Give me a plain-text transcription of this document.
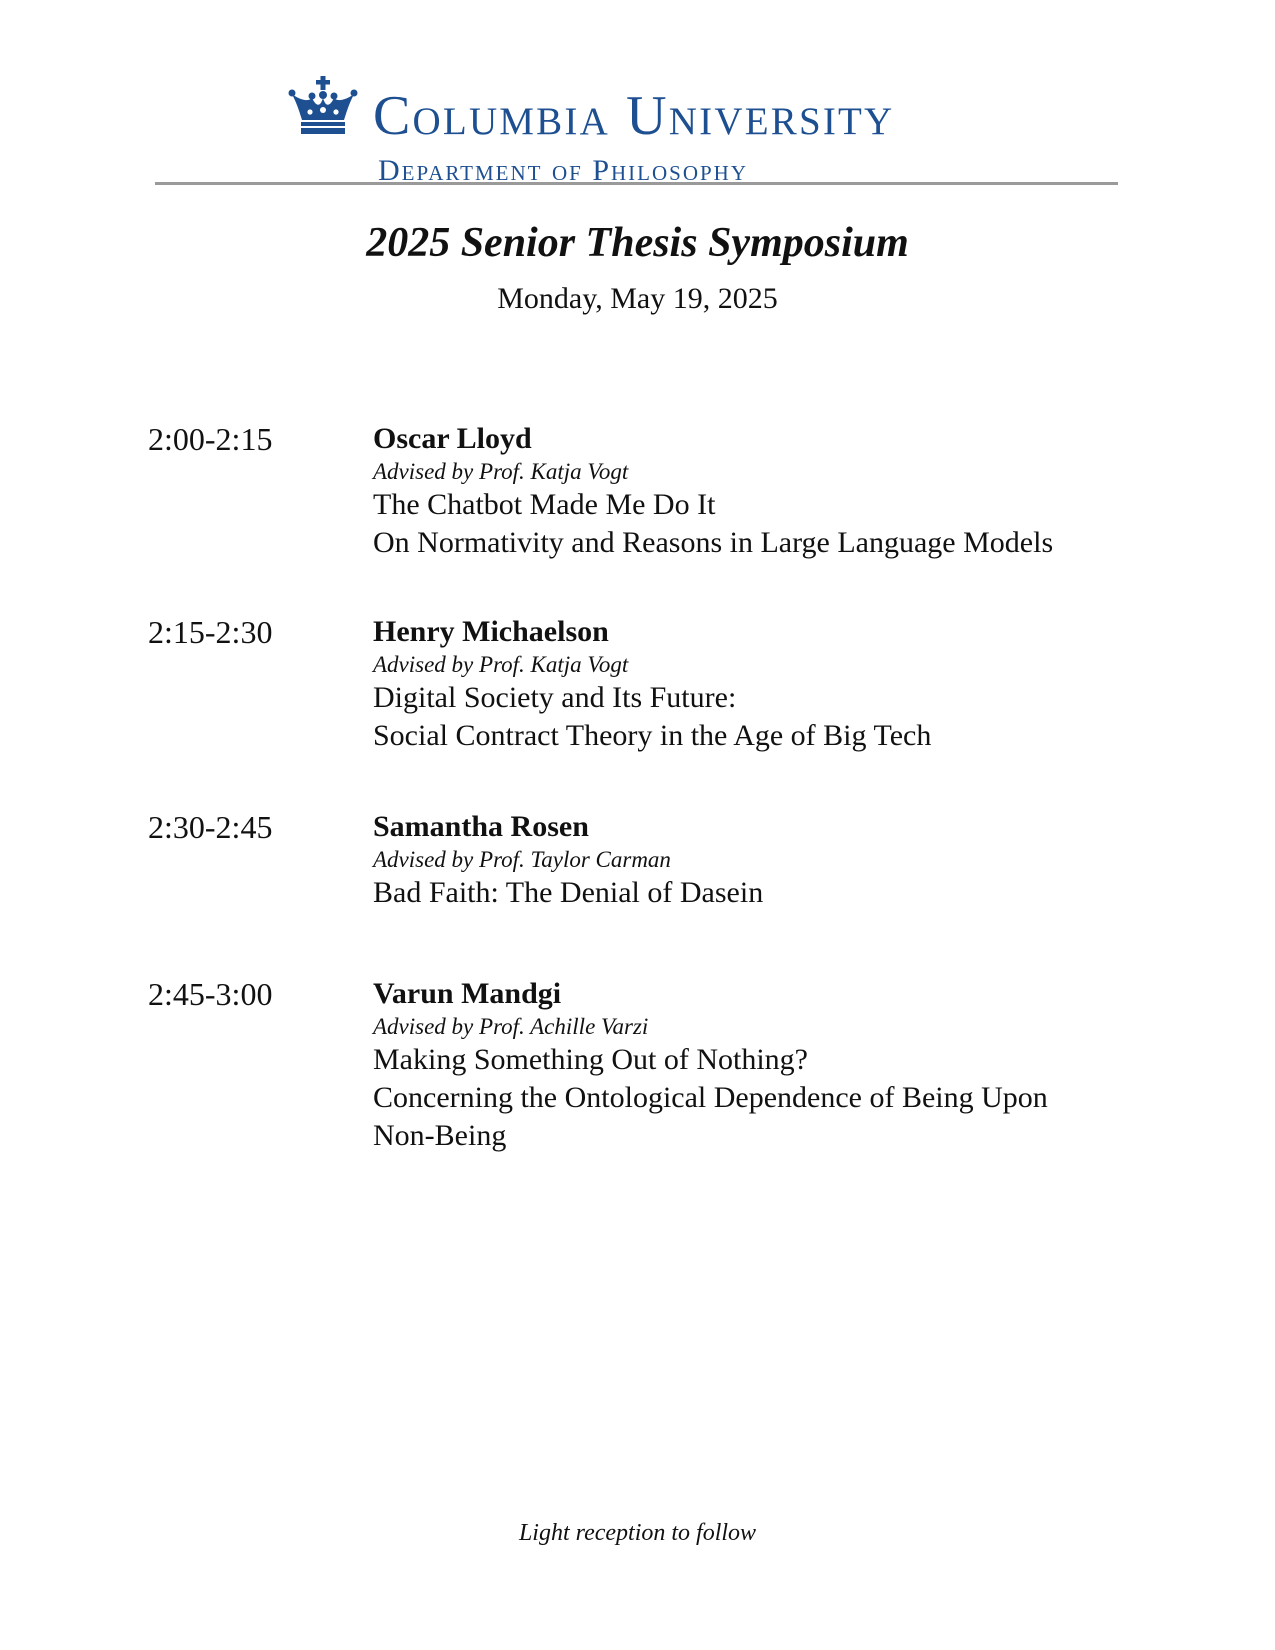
Columbia University
Department of Philosophy
2025 Senior Thesis Symposium
Monday, May 19, 2025
2:00-2:15	Oscar Lloyd
Advised by Prof. Katja Vogt
The Chatbot Made Me Do It
On Normativity and Reasons in Large Language Models
2:15-2:30	Henry Michaelson
Advised by Prof. Katja Vogt
Digital Society and Its Future:
Social Contract Theory in the Age of Big Tech
2:30-2:45	Samantha Rosen
Advised by Prof. Taylor Carman
Bad Faith: The Denial of Dasein
2:45-3:00	Varun Mandgi
Advised by Prof. Achille Varzi
Making Something Out of Nothing?
Concerning the Ontological Dependence of Being Upon
Non-Being
Light reception to follow
